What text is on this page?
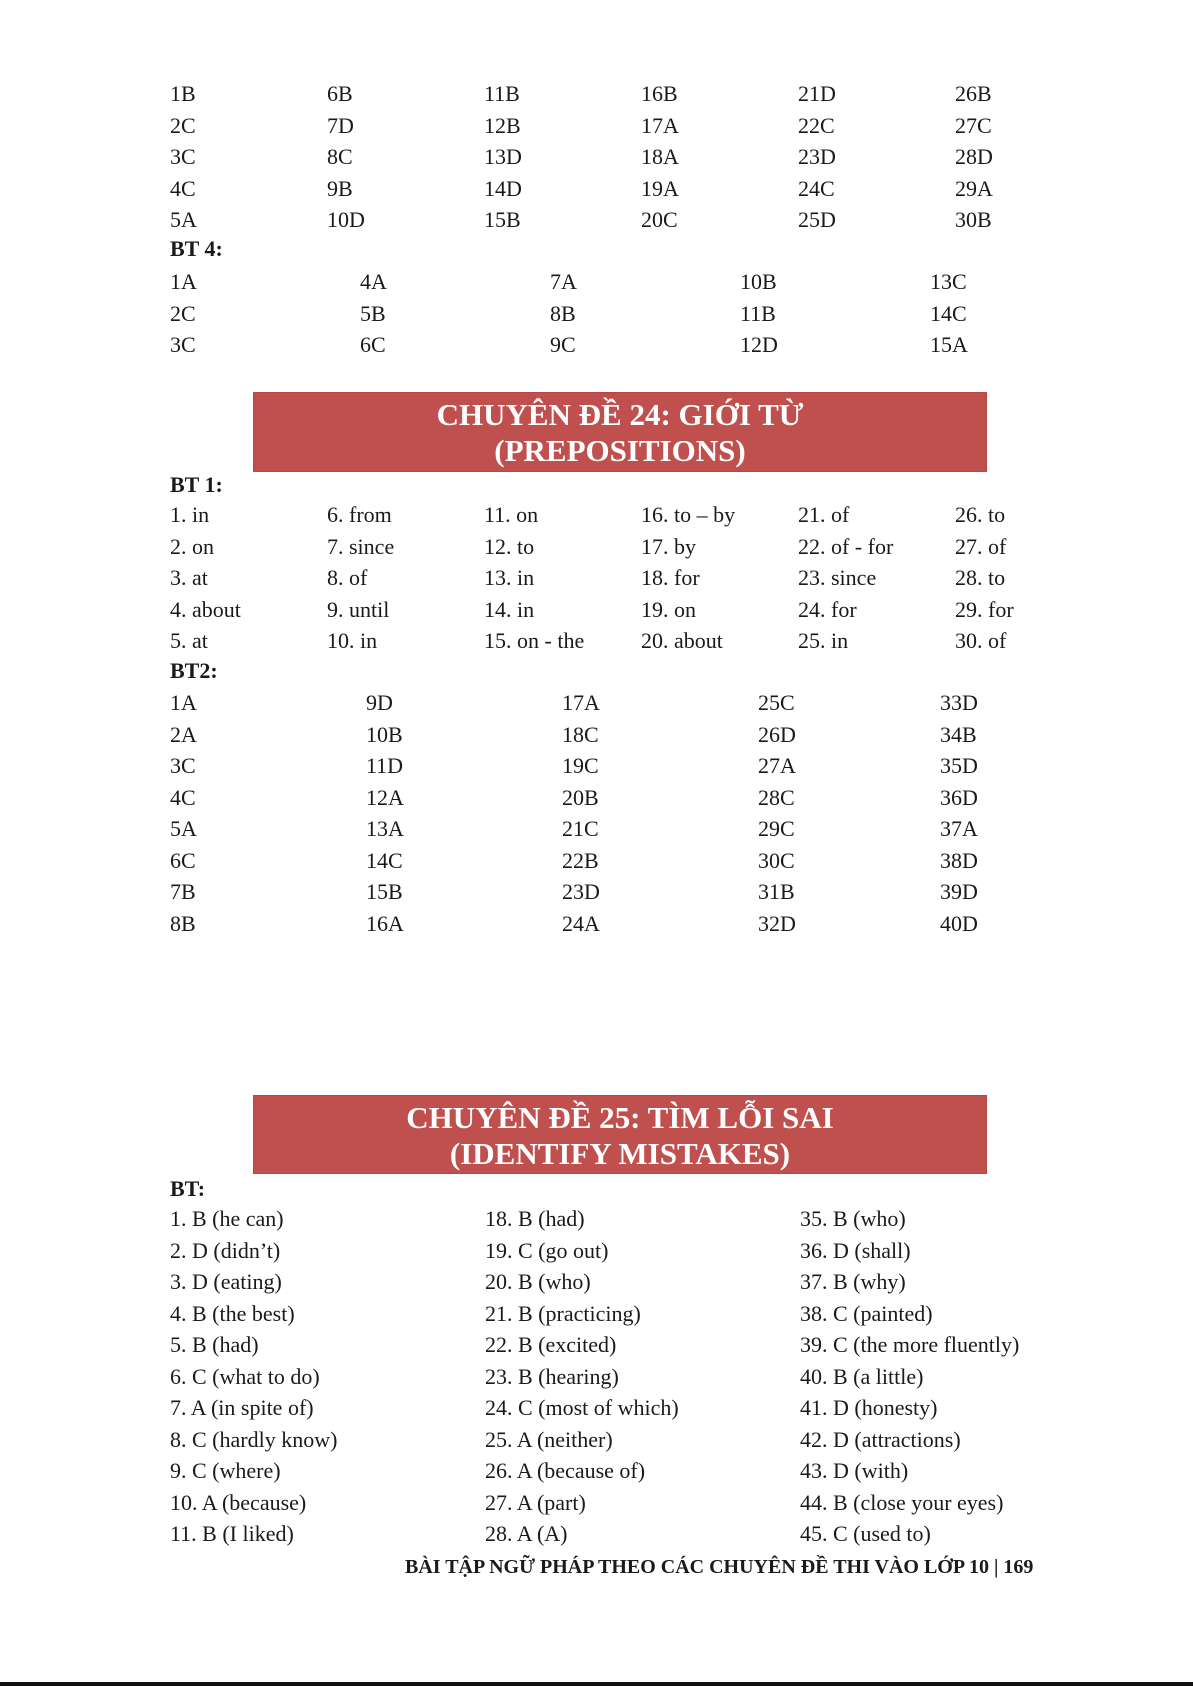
1B	6B	11B	16B	21D	26B
2C	7D	12B	17A	22C	27C
3C	8C	13D	18A	23D	28D
4C	9B	14D	19A	24C	29A
5A	10D	15B	20C	25D	30B
BT 4:
1A	4A	7A	10B	13C
2C	5B	8B	11B	14C
3C	6C	9C	12D	15A
CHUYÊN ĐỀ 24: GIỚI TỪ
(PREPOSITIONS)
BT 1:
1. in	6. from	11. on	16. to – by	21. of	26. to
2. on	7. since	12. to	17. by	22. of - for	27. of
3. at	8. of	13. in	18. for	23. since	28. to
4. about	9. until	14. in	19. on	24. for	29. for
5. at	10. in	15. on - the	20. about	25. in	30. of
BT2:
1A	9D	17A	25C	33D
2A	10B	18C	26D	34B
3C	11D	19C	27A	35D
4C	12A	20B	28C	36D
5A	13A	21C	29C	37A
6C	14C	22B	30C	38D
7B	15B	23D	31B	39D
8B	16A	24A	32D	40D
CHUYÊN ĐỀ 25: TÌM LỖI SAI
(IDENTIFY MISTAKES)
BT:
1. B (he can)	18. B (had)	35. B (who)
2. D (didn’t)	19. C (go out)	36. D (shall)
3. D (eating)	20. B (who)	37. B (why)
4. B (the best)	21. B (practicing)	38. C (painted)
5. B (had)	22. B (excited)	39. C (the more fluently)
6. C (what to do)	23. B (hearing)	40. B (a little)
7. A (in spite of)	24. C (most of which)	41. D (honesty)
8. C (hardly know)	25. A (neither)	42. D (attractions)
9. C (where)	26. A (because of)	43. D (with)
10. A (because)	27. A (part)	44. B (close your eyes)
11. B (I liked)	28. A (A)	45. C (used to)
BÀI TẬP NGỮ PHÁP THEO CÁC CHUYÊN ĐỀ THI VÀO LỚP 10 | 169
